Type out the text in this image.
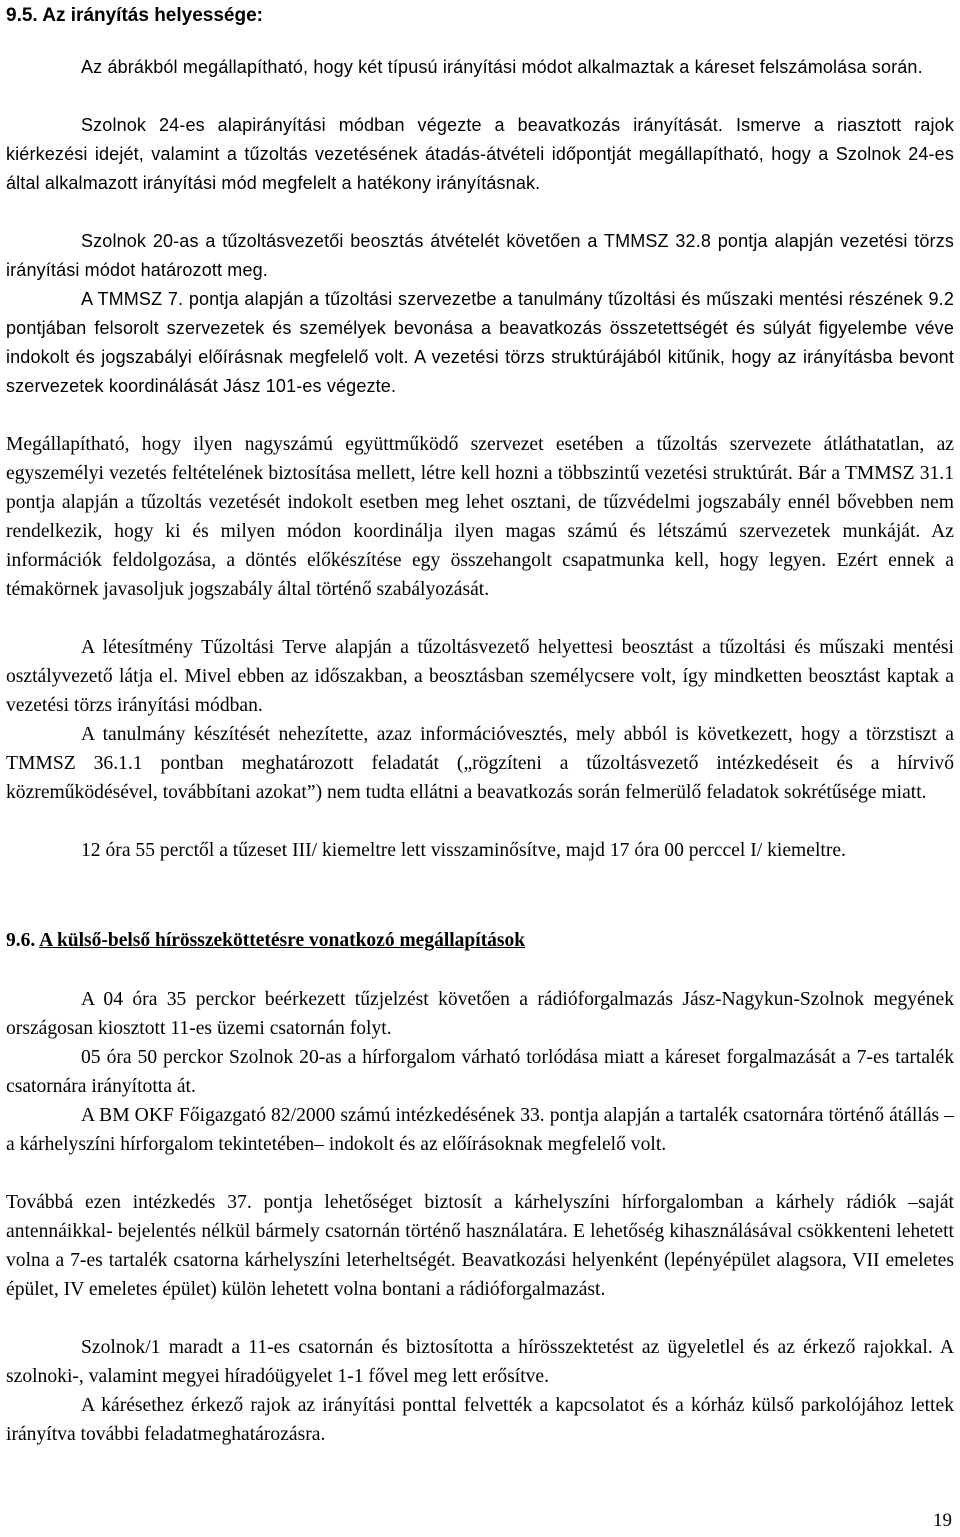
9.5. Az irányítás helyessége:

Az ábrákból megállapítható, hogy két típusú irányítási módot alkalmaztak a káreset felszámolása során.

Szolnok 24-es alapirányítási módban végezte a beavatkozás irányítását. Ismerve a riasztott rajok kiérkezési idejét, valamint a tűzoltás vezetésének átadás-átvételi időpontját megállapítható, hogy a Szolnok 24-es által alkalmazott irányítási mód megfelelt a hatékony irányításnak.

Szolnok 20-as a tűzoltásvezetői beosztás átvételét követően a TMMSZ 32.8 pontja alapján vezetési törzs irányítási módot határozott meg.

A TMMSZ 7. pontja alapján a tűzoltási szervezetbe a tanulmány tűzoltási és műszaki mentési részének 9.2 pontjában felsorolt szervezetek és személyek bevonása a beavatkozás összetettségét és súlyát figyelembe véve indokolt és jogszabályi előírásnak megfelelő volt. A vezetési törzs struktúrájából kitűnik, hogy az irányításba bevont szervezetek koordinálását Jász 101-es végezte.

Megállapítható, hogy ilyen nagyszámú együttműködő szervezet esetében a tűzoltás szervezete átláthatatlan, az egyszemélyi vezetés feltételének biztosítása mellett, létre kell hozni a többszintű vezetési struktúrát. Bár a TMMSZ 31.1 pontja alapján a tűzoltás vezetését indokolt esetben meg lehet osztani, de tűzvédelmi jogszabály ennél bővebben nem rendelkezik, hogy ki és milyen módon koordinálja ilyen magas számú és létszámú szervezetek munkáját. Az információk feldolgozása, a döntés előkészítése egy összehangolt csapatmunka kell, hogy legyen. Ezért ennek a témakörnek javasoljuk jogszabály által történő szabályozását.

A létesítmény Tűzoltási Terve alapján a tűzoltásvezető helyettesi beosztást a tűzoltási és műszaki mentési osztályvezető látja el. Mivel ebben az időszakban, a beosztásban személycsere volt, így mindketten beosztást kaptak a vezetési törzs irányítási módban.

A tanulmány készítését nehezítette, azaz információvesztés, mely abból is következett, hogy a törzstiszt a TMMSZ 36.1.1 pontban meghatározott feladatát („rögzíteni a tűzoltásvezető intézkedéseit és a hírvivő közreműködésével, továbbítani azokat”) nem tudta ellátni a beavatkozás során felmerülő feladatok sokrétűsége miatt.

12 óra 55 perctől a tűzeset III/ kiemeltre lett visszaminősítve, majd 17 óra 00 perccel I/ kiemeltre.

9.6. A külső-belső hírösszeköttetésre vonatkozó megállapítások

A 04 óra 35 perckor beérkezett tűzjelzést követően a rádióforgalmazás Jász-Nagykun-Szolnok megyének országosan kiosztott 11-es üzemi csatornán folyt.

05 óra 50 perckor Szolnok 20-as a hírforgalom várható torlódása miatt a káreset forgalmazását a 7-es tartalék csatornára irányította át.

A BM OKF Főigazgató 82/2000 számú intézkedésének 33. pontja alapján a tartalék csatornára történő átállás –a kárhelyszíni hírforgalom tekintetében– indokolt és az előírásoknak megfelelő volt.

Továbbá ezen intézkedés 37. pontja lehetőséget biztosít a kárhelyszíni hírforgalomban a kárhely rádiók –saját antennáikkal- bejelentés nélkül bármely csatornán történő használatára. E lehetőség kihasználásával csökkenteni lehetett volna a 7-es tartalék csatorna kárhelyszíni leterheltségét. Beavatkozási helyenként (lepényépület alagsora, VII emeletes épület, IV emeletes épület) külön lehetett volna bontani a rádióforgalmazást.

Szolnok/1 maradt a 11-es csatornán és biztosította a hírösszektetést az ügyeletlel és az érkező rajokkal. A szolnoki-, valamint megyei híradóügyelet 1-1 fővel meg lett erősítve.

A kárésethez érkező rajok az irányítási ponttal felvették a kapcsolatot és a kórház külső parkolójához lettek irányítva további feladatmeghatározásra.

19
